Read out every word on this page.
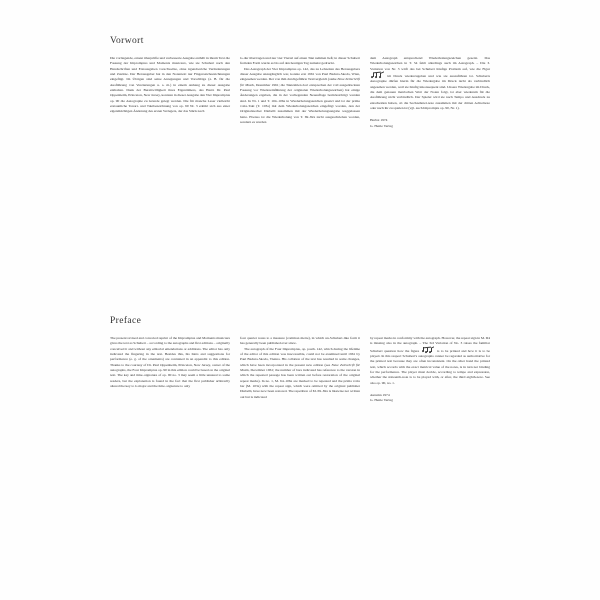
Vorwort

Die vorliegende, erneut überprüfte und verbesserte Ausgabe enthält in ihrem Text die Fassung der Impromptus und Moments musicaux, wie sie Schubert nach den Handschriften und Erstausgaben vorschwebte, ohne irgendwelche Veränderungen und Zusätze. Der Herausgeber hat in den Notentext nur Fingersatzbezeichnungen eingefügt. Im Übrigen sind seine Anregungen und Vorschläge (z. B. für die Ausführung von Verzierungen u. a. m.) in einem Anhang zu dieser Ausgabe enthalten. Dank der Bereitwilligkeit ihres Eigentümers, des Herrn Dr. Paul Oppenheim, Princeton, New Jersey, konnten in dieser Ausgabe den Vier Impromptus op. 90 die Autographe zu Grunde gelegt werden. Die für manche Leser vielleicht erstaunliche Tonart- und Taktbezeichnung von op. 90 Nr. 3 erklärt sich aus einer eigenmächtigen Änderung des ersten Verlegers, der das Stück nach

G-dur übertragen und nur vier Viertel auf einen Takt nehmen ließ; in dieser Schubert fremden Form wurde es bis auf den heutigen Tag zumeist gedruckt.

Das Autograph der Vier Impromptus op. 142, das zu Lebzeiten des Herausgebers dieser Ausgabe unzugänglich war, konnte erst 1961 von Paul Badura-Skoda, Wien, eingesehen werden. Der von ihm durchgeführte Textvergleich (siehe Neue Zeitschrift für Musik, Dezember 1961; die Taktzahlen dort entsprechen der voll ausgedruckten Fassung vor Wiedereinführung der originalen Wiederholungszeichen) hat einige Änderungen ergeben, die in der vorliegenden Neuauflage berücksichtigt wurden sind. In Nr. 1 und T. 104–106a in Wiederholungszeichen gesetzt und ist der prima volta-Takt (T. 103a) mit dem Wiederholungszeichen eingefügt worden, den der Originalstecher Diabelli zusammen mit der Wiederholungsangabe weggelassen hatte. Ebenso ist die Wiederholung von T. 69–82a nicht ausgeschrieben worden, sondern es wurden

dem Autograph entsprechend Wiederholungszeichen gesetzt. Das Wiederholungszeichen in T. 54 fehlt allerdings auch im Autograph. – Die 3. Variation von Nr. 3 wirft das bei Schubert häufige Problem auf, wie die Figur
im Druck wiederzugeben und wie sie auszuführen ist. Schuberts Autographe dürfen hierin für die Wiedergabe im Druck nicht als verbindlich angesehen werden, weil sie häufig inkonsequent sind. Unsere Wiedergabe im Druck, die dem genauen metrischen Wert der Noten folgt, ist aber wiederum für die Ausführung nicht verbindlich. Der Spieler wird sie nach Tempo und Ausdruck zu entscheiden haben, ob die Sechzehntel-note zusammen mit der dritten Achtelnote oder nach ihr zu spielen ist (vgl. auch Impromptu op. 90, Nr. 1).

Herbst 1974
G. Henle Verlag
Preface

The present revised and corrected reprint of the Impromptus and Moments musicaux gives the text as Schubert – according to the autographs and first editions – originally conceived it and without any editorial emendations or additions. The editor has only indicated the fingering in the text. Besides this, his hints and suggestions for performance (e. g. of the ornaments) are contained in an appendix to this edition. Thanks to the courtesy of Dr. Paul Oppenheim, Princeton, New Jersey, owner of the autographs, the Four Impromptus op. 90 in this edition could be based on the original text. The key and time–signature of op. 90 no. 3 may seem a little unusual to some readers, but the explanation is found in the fact that the first publisher arbitrarily altered the key to G major and the time–signature to only

four quarter notes to a measure (common metre), in which un-Schubert-like form it has generally been published ever since.

The autograph of the Four Impromptus, op. posth. 142, which during the lifetime of the editor of this edition was inaccessible, could not be examined until 1961 by Paul Badura-Skoda, Vienna. His collation of the text has resulted in some changes, which have been incorporated in the present new edition (see Neue Zeitschrift für Musik, December 1961; the number of bars indicated has reference to the version in which the repeated passage has been written out before restoration of the original repeat marks). In no. 1, M. 64–106a are marked to be repeated and the prima volta bar (M. 103a) with the repeat sign, which were omitted by the original publisher Diabelli, have now been restored. The repetition of M. 69–82a is likewise not written out but is indicated

by repeat marks in conformity with the autograph. However, the repeat sign in M. D4 is missing also in the autograph. – The 3rd Variation of No. 3 raises the familiar Schubert question how the figure	is to be printed and how it is to be played. In this respect Schubert's autographs cannot be regarded as authoritative for the printed text because they are often inconsistent. On the other hand the printed text, which accords with the exact metrical value of the notes, is in turn not binding for the performance. The player must decide, according to tempo and expression, whether the sixteenth-note is to be played with, or after, the third eighth-note. See also op. 90, no. 1.

Autumn 1974
G. Henle Verlag
